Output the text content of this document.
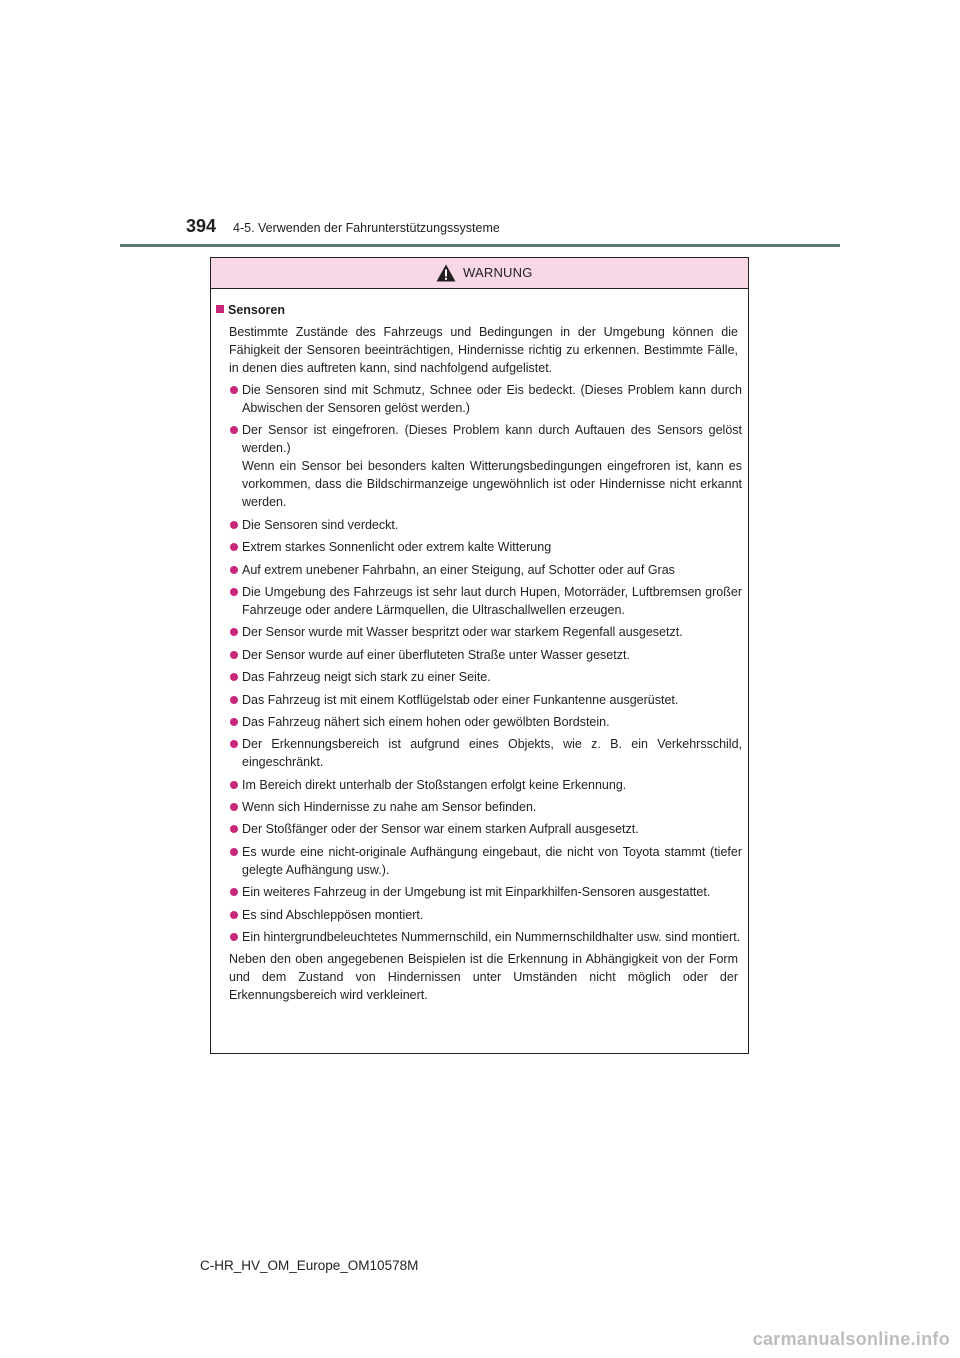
394 4-5. Verwenden der Fahrunterstützungssysteme
WARNUNG
Sensoren
Bestimmte Zustände des Fahrzeugs und Bedingungen in der Umgebung können die Fähigkeit der Sensoren beeinträchtigen, Hindernisse richtig zu erkennen. Bestimmte Fälle, in denen dies auftreten kann, sind nachfolgend aufgelistet.
Die Sensoren sind mit Schmutz, Schnee oder Eis bedeckt. (Dieses Problem kann durch Abwischen der Sensoren gelöst werden.)
Der Sensor ist eingefroren. (Dieses Problem kann durch Auftauen des Sensors gelöst werden.)
Wenn ein Sensor bei besonders kalten Witterungsbedingungen eingefroren ist, kann es vorkommen, dass die Bildschirmanzeige ungewöhnlich ist oder Hindernisse nicht erkannt werden.
Die Sensoren sind verdeckt.
Extrem starkes Sonnenlicht oder extrem kalte Witterung
Auf extrem unebener Fahrbahn, an einer Steigung, auf Schotter oder auf Gras
Die Umgebung des Fahrzeugs ist sehr laut durch Hupen, Motorräder, Luftbremsen großer Fahrzeuge oder andere Lärmquellen, die Ultraschallwellen erzeugen.
Der Sensor wurde mit Wasser bespritzt oder war starkem Regenfall ausgesetzt.
Der Sensor wurde auf einer überfluteten Straße unter Wasser gesetzt.
Das Fahrzeug neigt sich stark zu einer Seite.
Das Fahrzeug ist mit einem Kotflügelstab oder einer Funkantenne ausgerüstet.
Das Fahrzeug nähert sich einem hohen oder gewölbten Bordstein.
Der Erkennungsbereich ist aufgrund eines Objekts, wie z. B. ein Verkehrsschild, eingeschränkt.
Im Bereich direkt unterhalb der Stoßstangen erfolgt keine Erkennung.
Wenn sich Hindernisse zu nahe am Sensor befinden.
Der Stoßfänger oder der Sensor war einem starken Aufprall ausgesetzt.
Es wurde eine nicht-originale Aufhängung eingebaut, die nicht von Toyota stammt (tiefer gelegte Aufhängung usw.).
Ein weiteres Fahrzeug in der Umgebung ist mit Einparkhilfen-Sensoren ausgestattet.
Es sind Abschleppösen montiert.
Ein hintergrundbeleuchtetes Nummernschild, ein Nummernschildhalter usw. sind montiert.
Neben den oben angegebenen Beispielen ist die Erkennung in Abhängigkeit von der Form und dem Zustand von Hindernissen unter Umständen nicht möglich oder der Erkennungsbereich wird verkleinert.
C-HR_HV_OM_Europe_OM10578M
carmanualsonline.info
